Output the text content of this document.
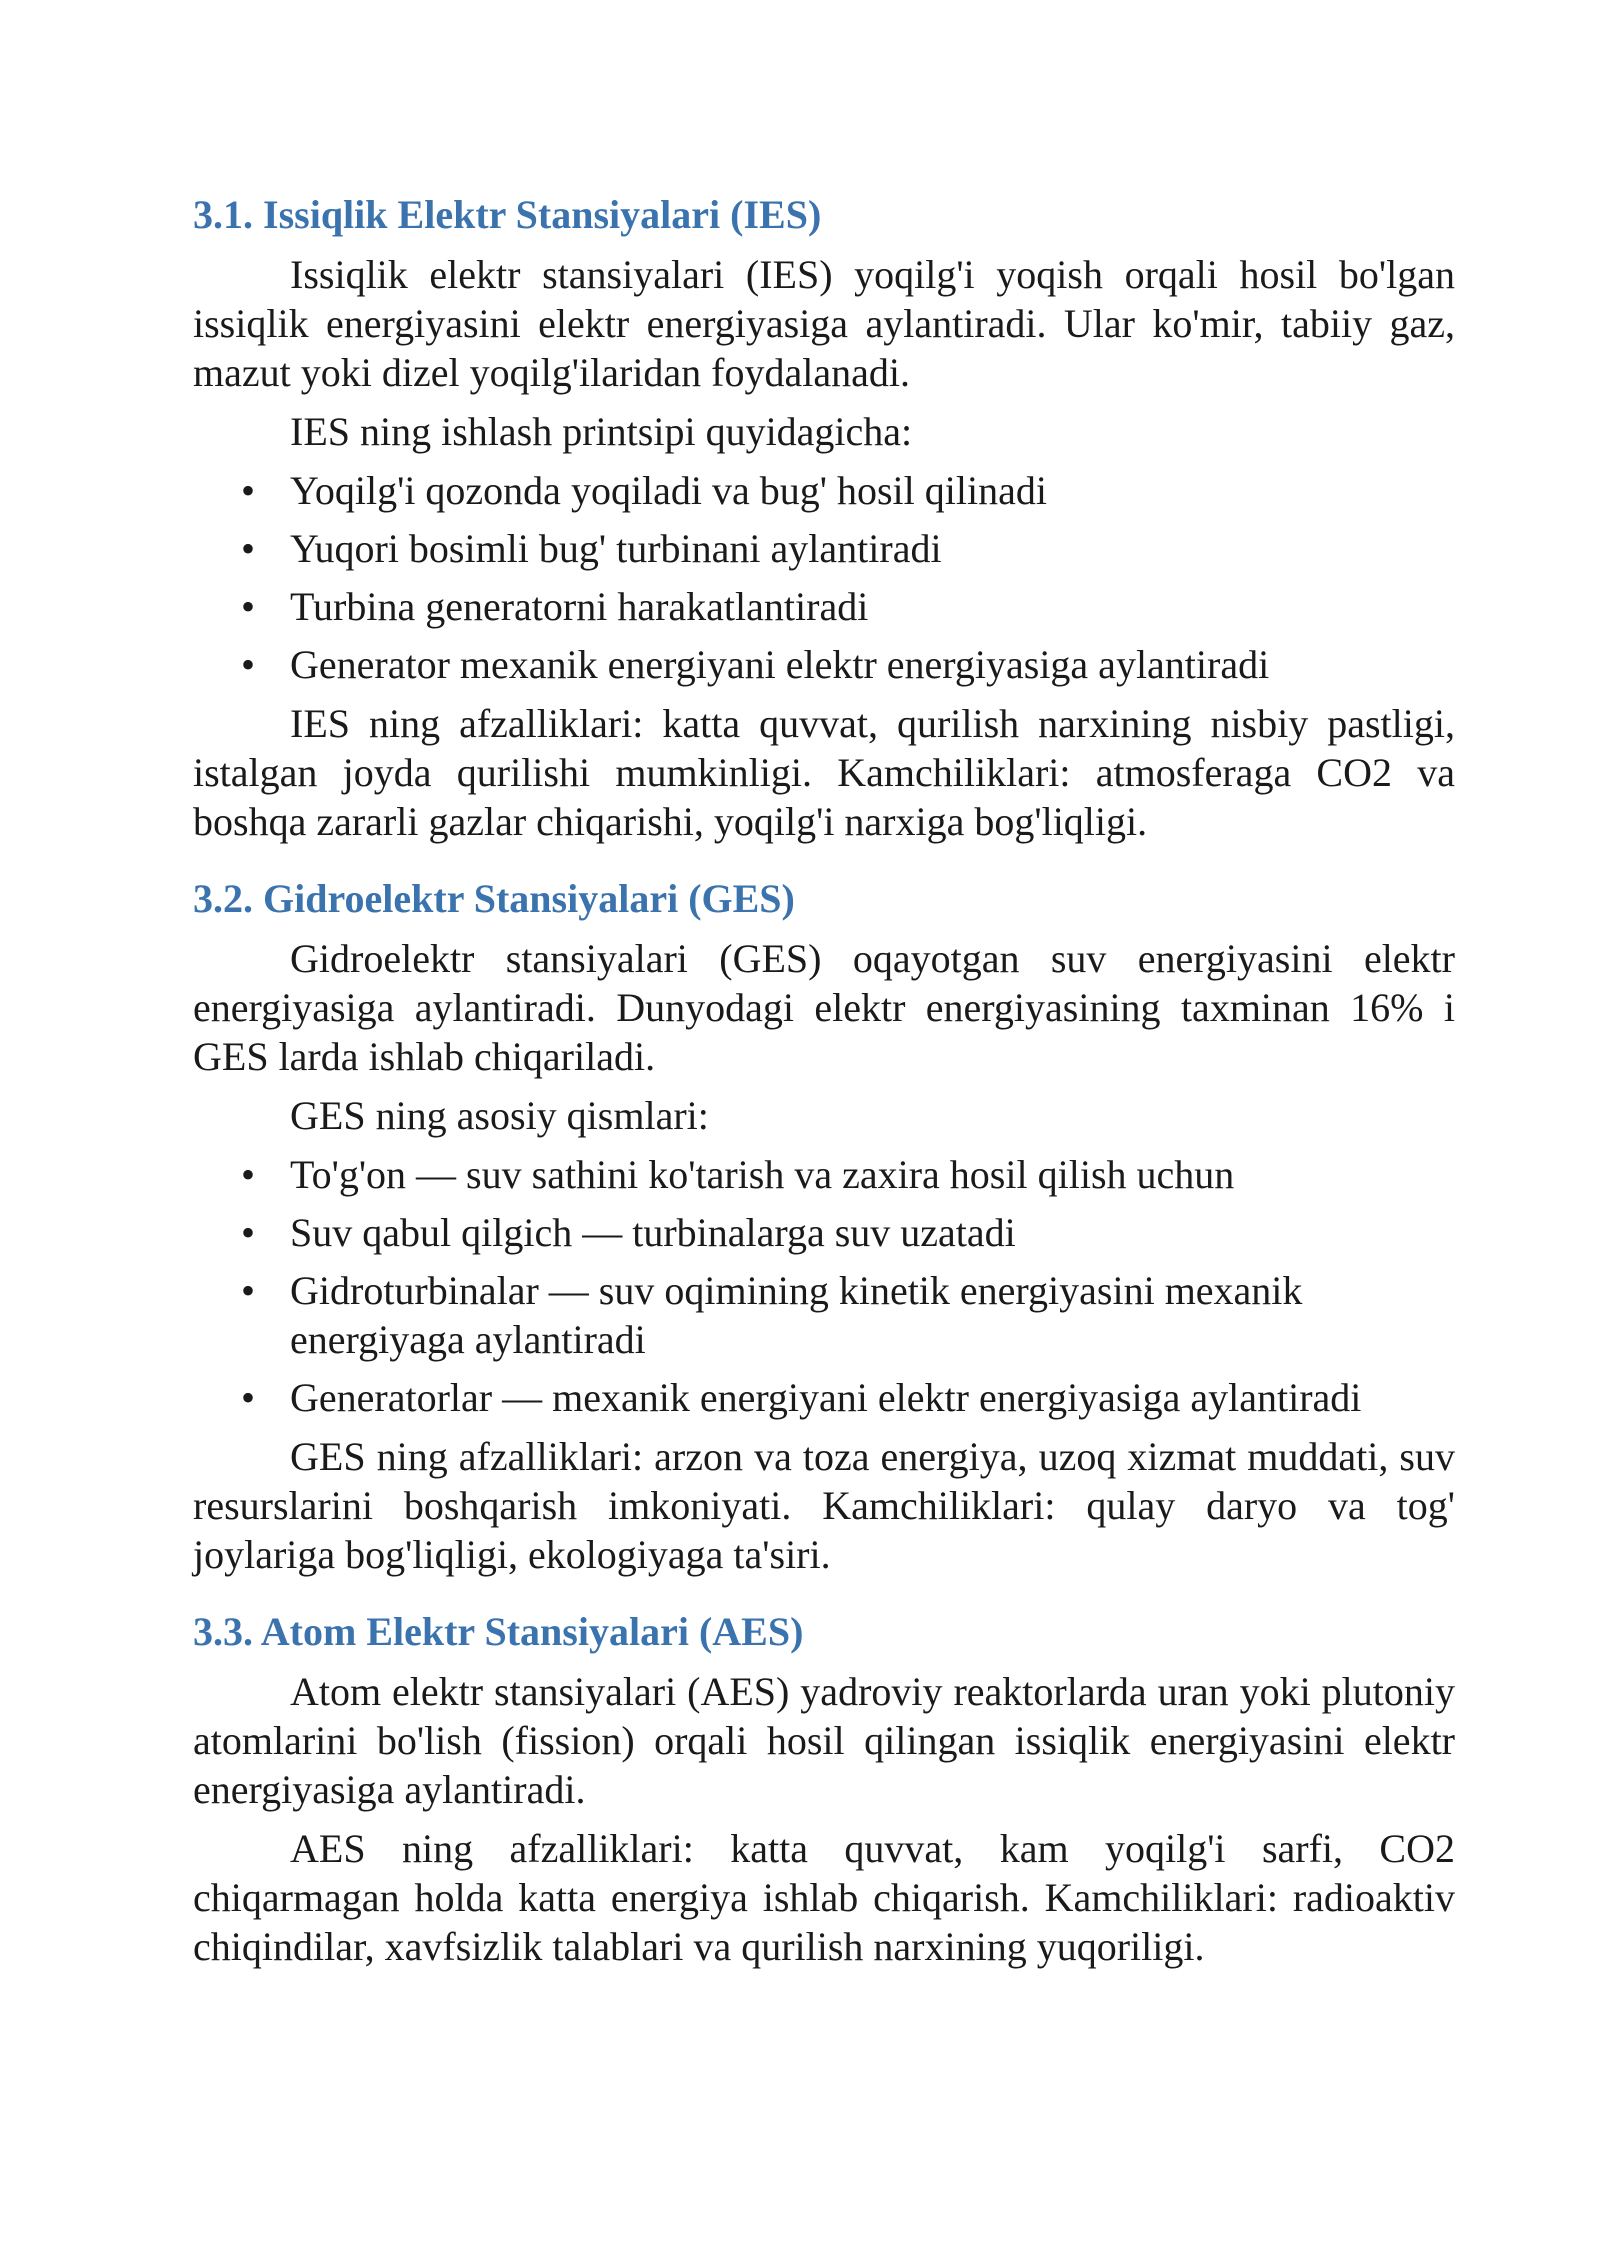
3.1. Issiqlik Elektr Stansiyalari (IES)

Issiqlik elektr stansiyalari (IES) yoqilg'i yoqish orqali hosil bo'lgan issiqlik energiyasini elektr energiyasiga aylantiradi. Ular ko'mir, tabiiy gaz, mazut yoki dizel yoqilg'ilaridan foydalanadi.

IES ning ishlash printsipi quyidagicha:

• Yoqilg'i qozonda yoqiladi va bug' hosil qilinadi
• Yuqori bosimli bug' turbinani aylantiradi
• Turbina generatorni harakatlantiradi
• Generator mexanik energiyani elektr energiyasiga aylantiradi

IES ning afzalliklari: katta quvvat, qurilish narxining nisbiy pastligi, istalgan joyda qurilishi mumkinligi. Kamchiliklari: atmosferaga CO2 va boshqa zararli gazlar chiqarishi, yoqilg'i narxiga bog'liqligi.

3.2. Gidroelektr Stansiyalari (GES)

Gidroelektr stansiyalari (GES) oqayotgan suv energiyasini elektr energiyasiga aylantiradi. Dunyodagi elektr energiyasining taxminan 16% i GES larda ishlab chiqariladi.

GES ning asosiy qismlari:

• To'g'on — suv sathini ko'tarish va zaxira hosil qilish uchun
• Suv qabul qilgich — turbinalarga suv uzatadi
• Gidroturbinalar — suv oqimining kinetik energiyasini mexanik energiyaga aylantiradi
• Generatorlar — mexanik energiyani elektr energiyasiga aylantiradi

GES ning afzalliklari: arzon va toza energiya, uzoq xizmat muddati, suv resurslarini boshqarish imkoniyati. Kamchiliklari: qulay daryo va tog' joylariga bog'liqligi, ekologiyaga ta'siri.

3.3. Atom Elektr Stansiyalari (AES)

Atom elektr stansiyalari (AES) yadroviy reaktorlarda uran yoki plutoniy atomlarini bo'lish (fission) orqali hosil qilingan issiqlik energiyasini elektr energiyasiga aylantiradi.

AES ning afzalliklari: katta quvvat, kam yoqilg'i sarfi, CO2 chiqarmagan holda katta energiya ishlab chiqarish. Kamchiliklari: radioaktiv chiqindilar, xavfsizlik talablari va qurilish narxining yuqoriligi.
